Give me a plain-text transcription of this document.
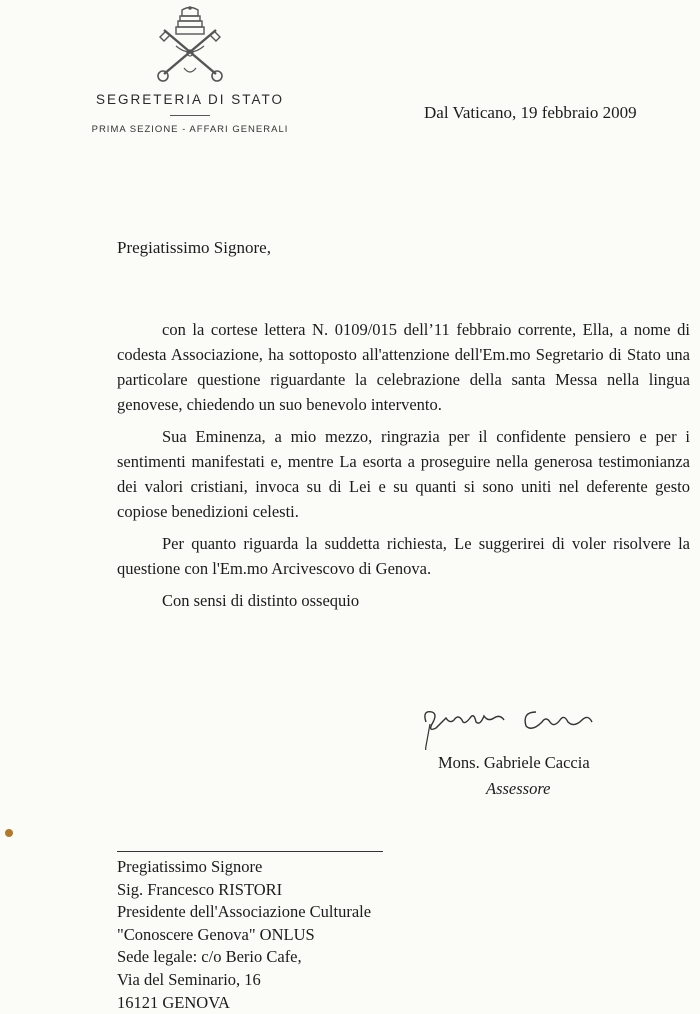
SEGRETERIA DI STATO
PRIMA SEZIONE - AFFARI GENERALI
Dal Vaticano, 19 febbraio 2009
Pregiatissimo Signore,

con la cortese lettera N. 0109/015 dell’11 febbraio corrente, Ella, a nome di codesta Associazione, ha sottoposto all'attenzione dell'Em.mo Segretario di Stato una particolare questione riguardante la celebrazione della santa Messa nella lingua genovese, chiedendo un suo benevolo intervento.

Sua Eminenza, a mio mezzo, ringrazia per il confidente pensiero e per i sentimenti manifestati e, mentre La esorta a proseguire nella generosa testimonianza dei valori cristiani, invoca su di Lei e su quanti si sono uniti nel deferente gesto copiose benedizioni celesti.

Per quanto riguarda la suddetta richiesta, Le suggerirei di voler risolvere la questione con l'Em.mo Arcivescovo di Genova.

Con sensi di distinto ossequio

Mons. Gabriele Caccia
Assessore
Pregiatissimo Signore
Sig. Francesco RISTORI
Presidente dell'Associazione Culturale
"Conoscere Genova" ONLUS
Sede legale: c/o Berio Cafe,
Via del Seminario, 16
16121 GENOVA
